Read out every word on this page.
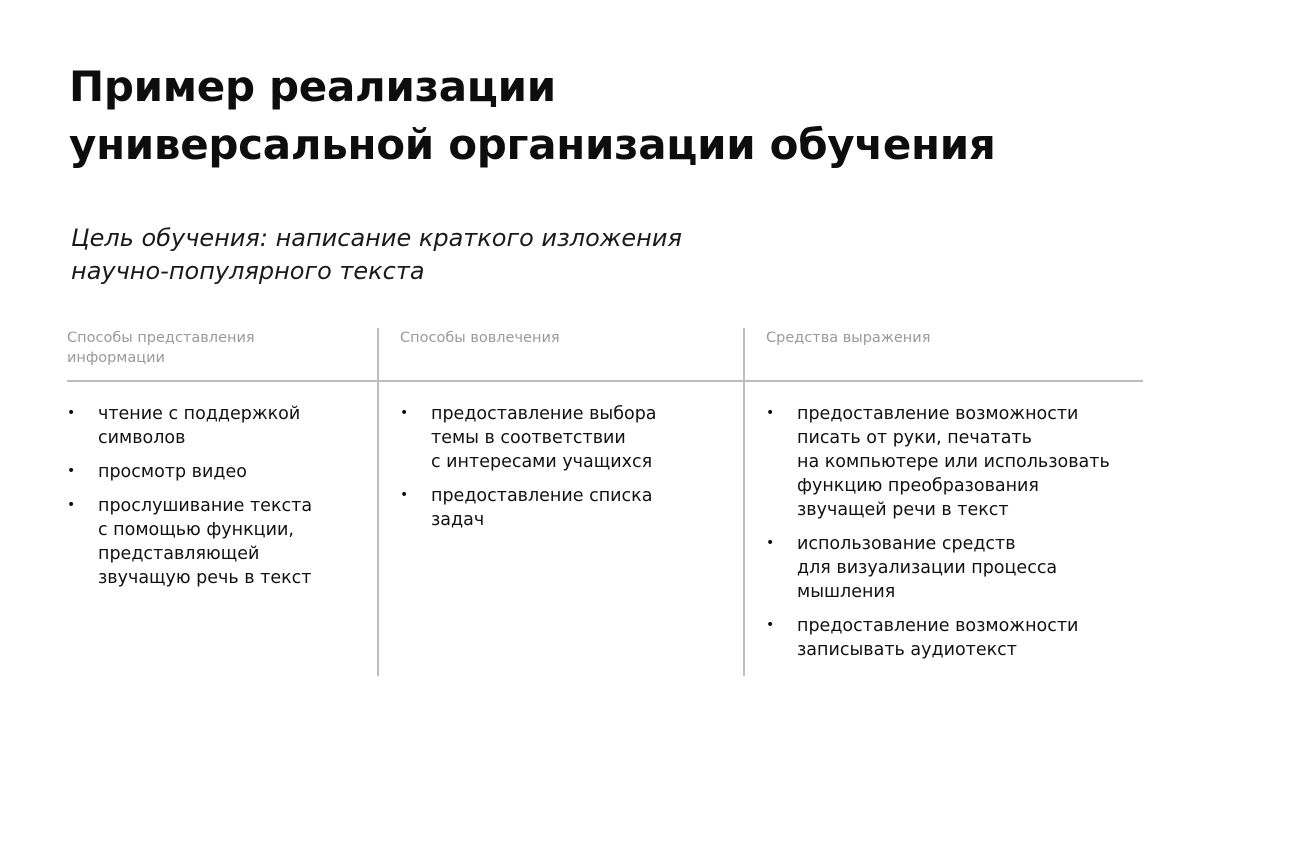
Пример реализации
универсальной организации обучения

Цель обучения: написание краткого изложения
научно-популярного текста

Способы представления
информации
• чтение с поддержкой
символов
• просмотр видео
• прослушивание текста
с помощью функции,
представляющей
звучащую речь в текст
Способы вовлечения
• предоставление выбора
темы в соответствии
с интересами учащихся
• предоставление списка
задач
Средства выражения
• предоставление возможности
писать от руки, печатать
на компьютере или использовать
функцию преобразования
звучащей речи в текст
• использование средств
для визуализации процесса
мышления
• предоставление возможности
записывать аудиотекст
